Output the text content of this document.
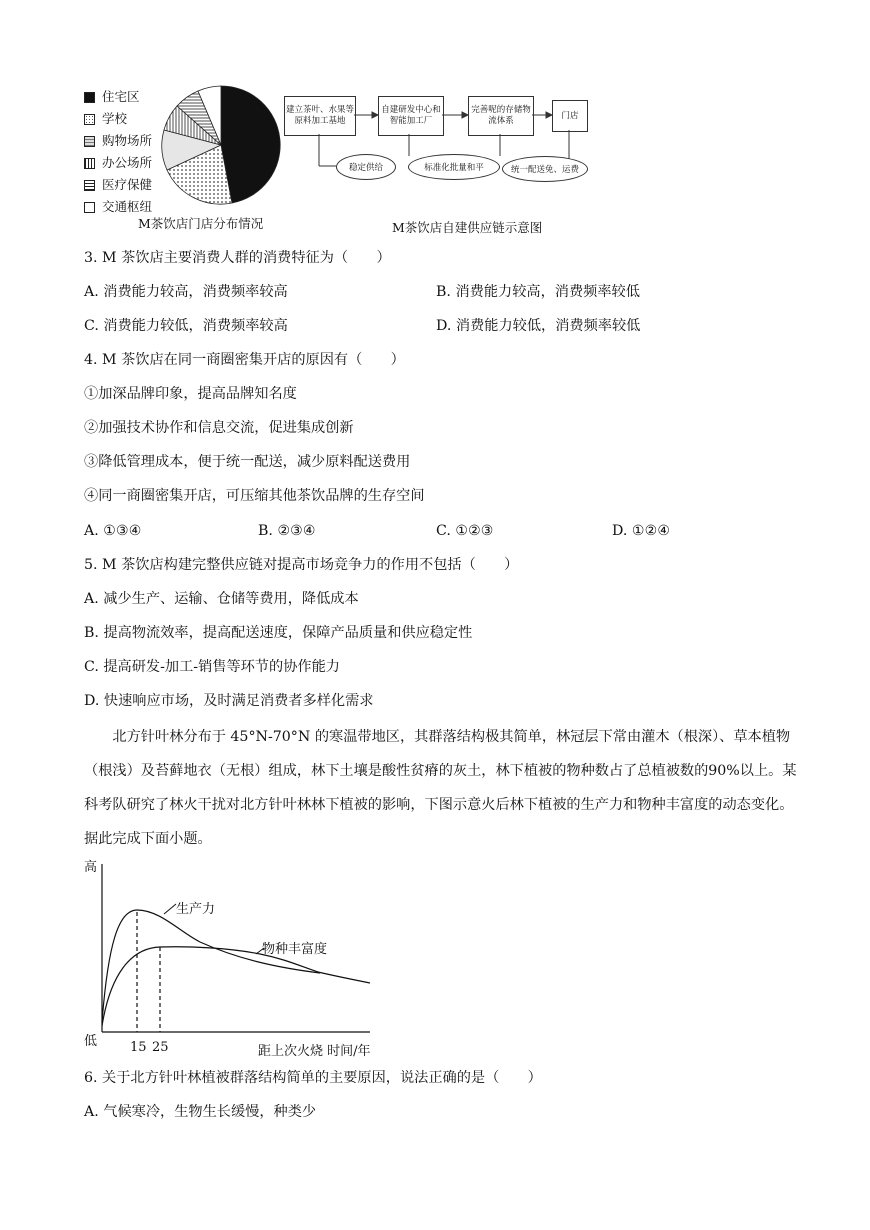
住宅区
学校
购物场所
办公场所
医疗保健
交通枢纽
M茶饮店门店分布情况
建立茶叶、水果等原料加工基地
自建研发中心和智能加工厂
完善呢的存储物流体系
门店
稳定供给	标准化批量和平	统一配送免、运费
M茶饮店自建供应链示意图
3. M 茶饮店主要消费人群的消费特征为（　　）
A. 消费能力较高，消费频率较高	B. 消费能力较高，消费频率较低
C. 消费能力较低，消费频率较高	D. 消费能力较低，消费频率较低
4. M 茶饮店在同一商圈密集开店的原因有（　　）
①加深品牌印象，提高品牌知名度
②加强技术协作和信息交流，促进集成创新
③降低管理成本，便于统一配送，减少原料配送费用
④同一商圈密集开店，可压缩其他茶饮品牌的生存空间
A. ①③④	B. ②③④	C. ①②③	D. ①②④
5. M 茶饮店构建完整供应链对提高市场竞争力的作用不包括（　　）
A. 减少生产、运输、仓储等费用，降低成本
B. 提高物流效率，提高配送速度，保障产品质量和供应稳定性
C. 提高研发-加工-销售等环节的协作能力
D. 快速响应市场，及时满足消费者多样化需求
北方针叶林分布于 45°N-70°N 的寒温带地区，其群落结构极其简单，林冠层下常由灌木（根深）、草本植物（根浅）及苔藓地衣（无根）组成，林下土壤是酸性贫瘠的灰土，林下植被的物种数占了总植被数的90%以上。某科考队研究了林火干扰对北方针叶林林下植被的影响，下图示意火后林下植被的生产力和物种丰富度的动态变化。据此完成下面小题。
高
低
生产力
物种丰富度
15 25	距上次火烧 时间/年
6. 关于北方针叶林植被群落结构简单的主要原因，说法正确的是（　　）
A. 气候寒冷，生物生长缓慢，种类少
